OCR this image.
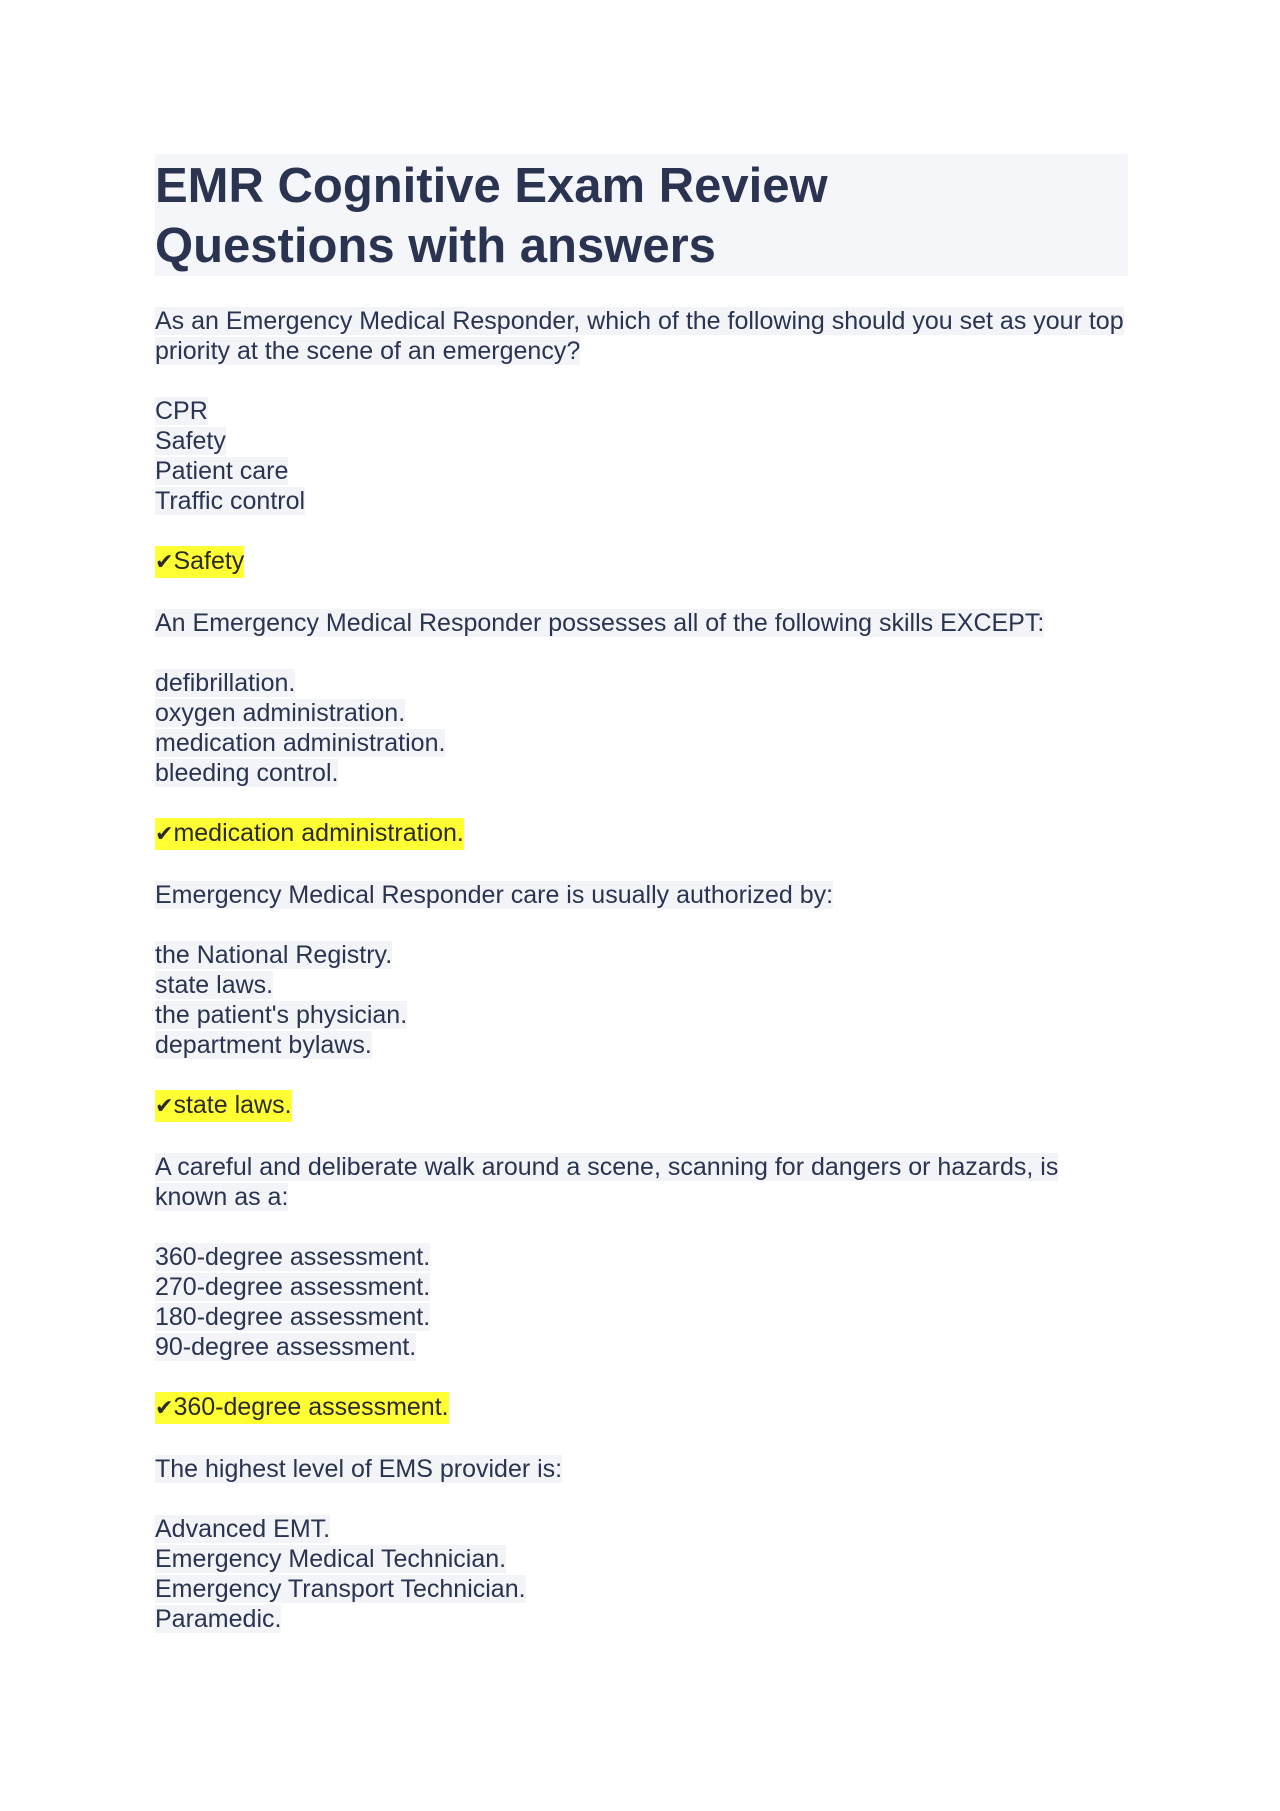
EMR Cognitive Exam Review Questions with answers

As an Emergency Medical Responder, which of the following should you set as your top priority at the scene of an emergency?

CPR
Safety
Patient care
Traffic control
✔Safety

An Emergency Medical Responder possesses all of the following skills EXCEPT:

defibrillation.
oxygen administration.
medication administration.
bleeding control.
✔medication administration.

Emergency Medical Responder care is usually authorized by:

the National Registry.
state laws.
the patient's physician.
department bylaws.
✔state laws.

A careful and deliberate walk around a scene, scanning for dangers or hazards, is known as a:

360-degree assessment.
270-degree assessment.
180-degree assessment.
90-degree assessment.
✔360-degree assessment.

The highest level of EMS provider is:

Advanced EMT.
Emergency Medical Technician.
Emergency Transport Technician.
Paramedic.
